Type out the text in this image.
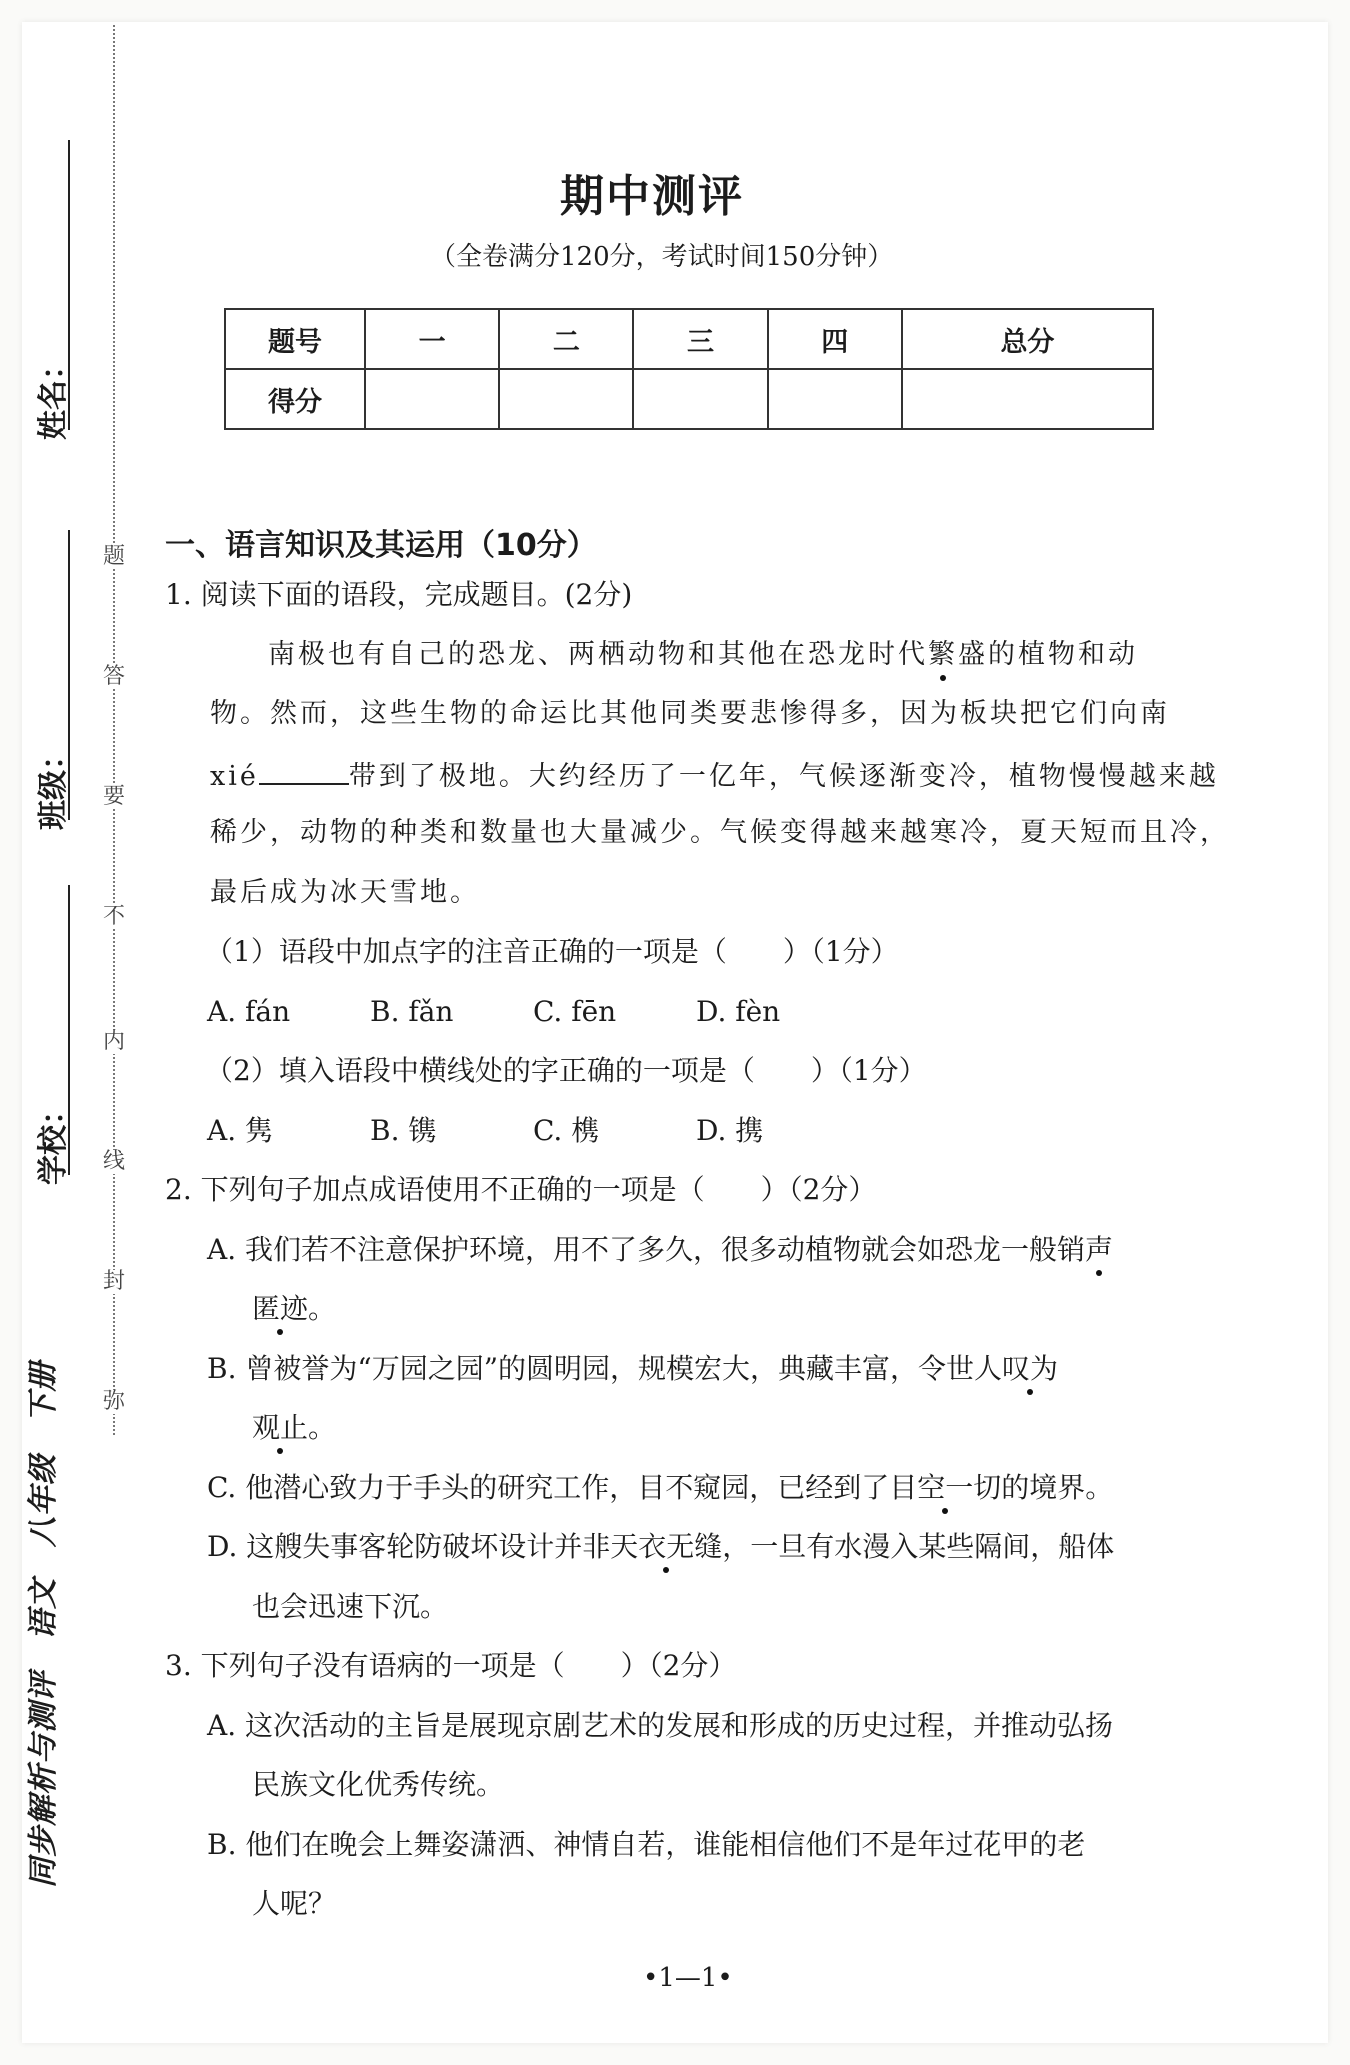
题
答
要
不
内
线
封
弥
姓名：
班级：
学校：
同步解析与测评　语文　八年级　下册
期中测评
（全卷满分120分，考试时间150分钟）
题号	一	二	三	四	总分
得分					
一、语言知识及其运用（10分）
1. 阅读下面的语段，完成题目。(2分)
南极也有自己的恐龙、两栖动物和其他在恐龙时代繁盛的植物和动
物。然而，这些生物的命运比其他同类要悲惨得多，因为板块把它们向南
xié	带到了极地。大约经历了一亿年，气候逐渐变冷，植物慢慢越来越
稀少，动物的种类和数量也大量减少。气候变得越来越寒冷，夏天短而且冷，
最后成为冰天雪地。
（1）语段中加点字的注音正确的一项是（　　）（1分）
A. fán	B. fǎn	C. fēn	D. fèn
（2）填入语段中横线处的字正确的一项是（　　）（1分）
A. 隽	B. 镌	C. 槜	D. 携
2. 下列句子加点成语使用不正确的一项是（　　）（2分）
A. 我们若不注意保护环境，用不了多久，很多动植物就会如恐龙一般销声
匿迹。
B. 曾被誉为“万园之园”的圆明园，规模宏大，典藏丰富，令世人叹为
观止。
C. 他潜心致力于手头的研究工作，目不窥园，已经到了目空一切的境界。
D. 这艘失事客轮防破坏设计并非天衣无缝，一旦有水漫入某些隔间，船体
也会迅速下沉。
3. 下列句子没有语病的一项是（　　）（2分）
A. 这次活动的主旨是展现京剧艺术的发展和形成的历史过程，并推动弘扬
民族文化优秀传统。
B. 他们在晚会上舞姿潇洒、神情自若，谁能相信他们不是年过花甲的老
人呢？
•1—1•
